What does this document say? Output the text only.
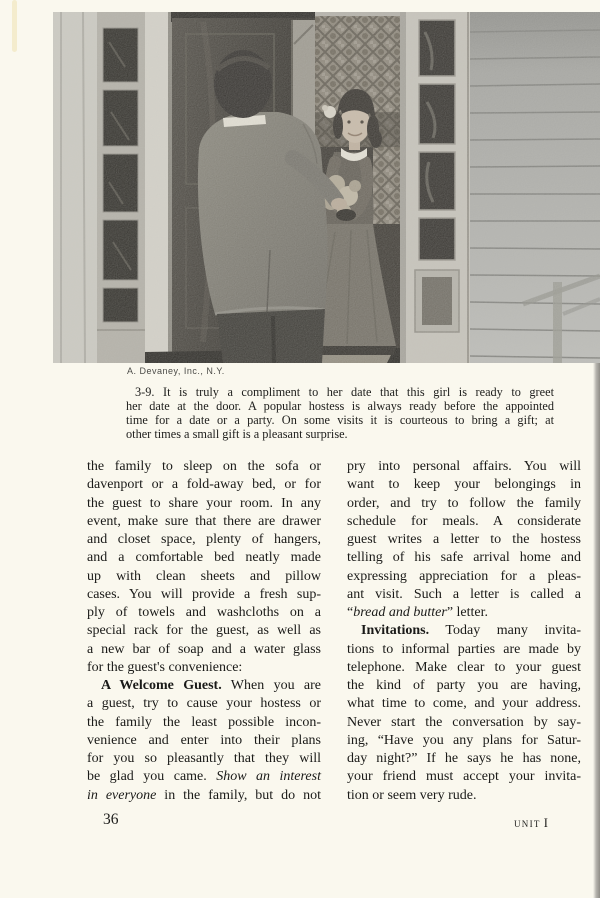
A. Devaney, Inc., N.Y.
3-9. It is truly a compliment to her date that this girl is ready to greet
her date at the door. A popular hostess is always ready before the appointed
time for a date or a party. On some visits it is courteous to bring a gift; at
other times a small gift is a pleasant surprise.
the family to sleep on the sofa or
davenport or a fold-away bed, or for
the guest to share your room. In any
event, make sure that there are drawer
and closet space, plenty of hangers,
and a comfortable bed neatly made
up with clean sheets and pillow
cases. You will provide a fresh sup-
ply of towels and washcloths on a
special rack for the guest, as well as
a new bar of soap and a water glass
for the guest's convenience:
A Welcome Guest. When you are
a guest, try to cause your hostess or
the family the least possible incon-
venience and enter into their plans
for you so pleasantly that they will
be glad you came. Show an interest
in everyone in the family, but do not
pry into personal affairs. You will
want to keep your belongings in
order, and try to follow the family
schedule for meals. A considerate
guest writes a letter to the hostess
telling of his safe arrival home and
expressing appreciation for a pleas-
ant visit. Such a letter is called a
“bread and butter” letter.
Invitations. Today many invita-
tions to informal parties are made by
telephone. Make clear to your guest
the kind of party you are having,
what time to come, and your address.
Never start the conversation by say-
ing, “Have you any plans for Satur-
day night?” If he says he has none,
your friend must accept your invita-
tion or seem very rude.
36	UNIT I
